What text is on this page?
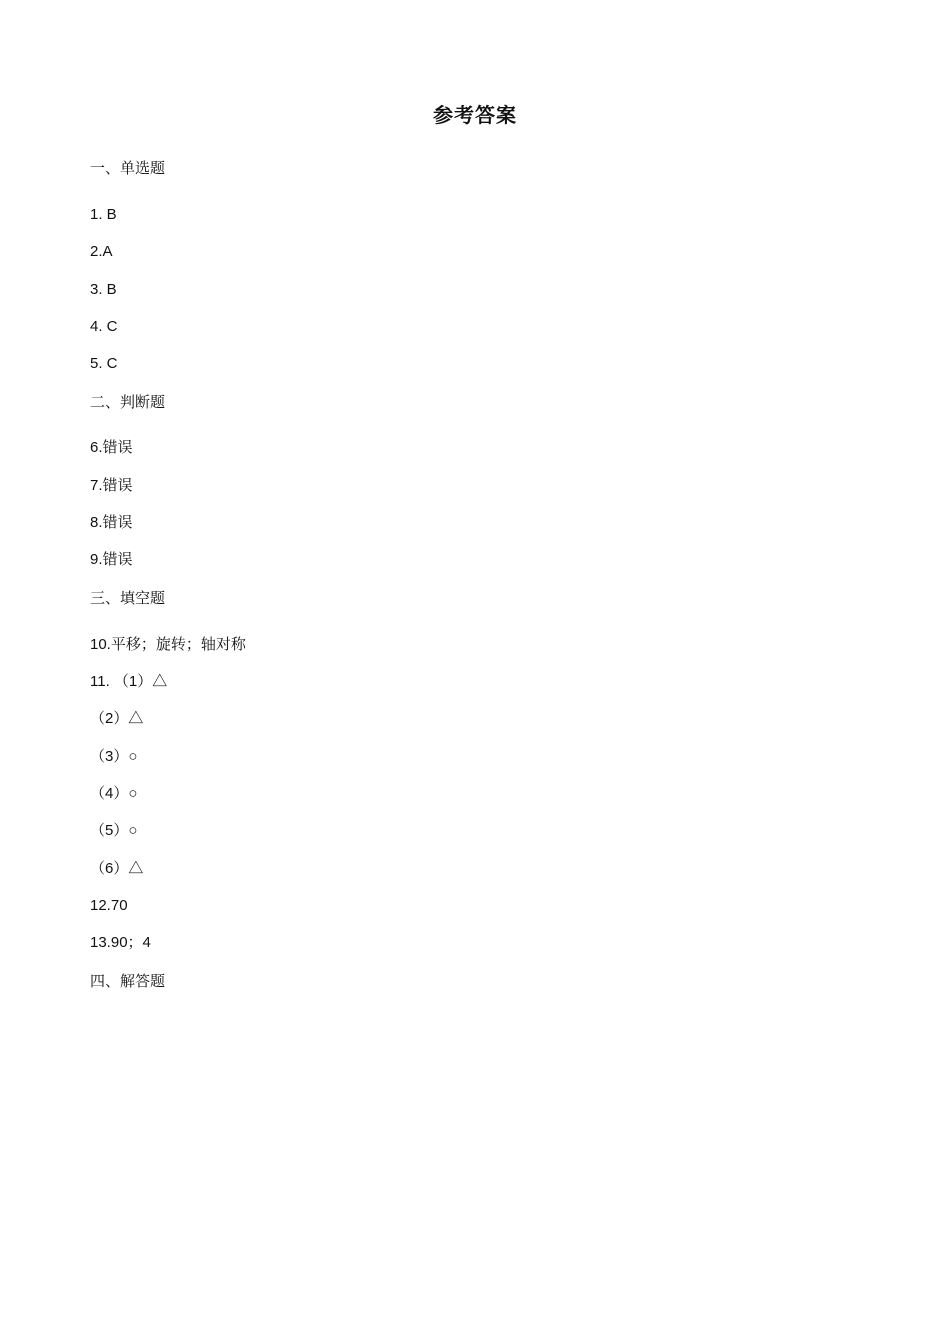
参考答案
一、单选题
1. B
2.A
3. B
4. C
5. C
二、判断题
6.错误
7.错误
8.错误
9.错误
三、填空题
10.平移；旋转；轴对称
11. （1）△
（2）△
（3）○
（4）○
（5）○
（6）△
12.70
13.90；4
四、解答题
